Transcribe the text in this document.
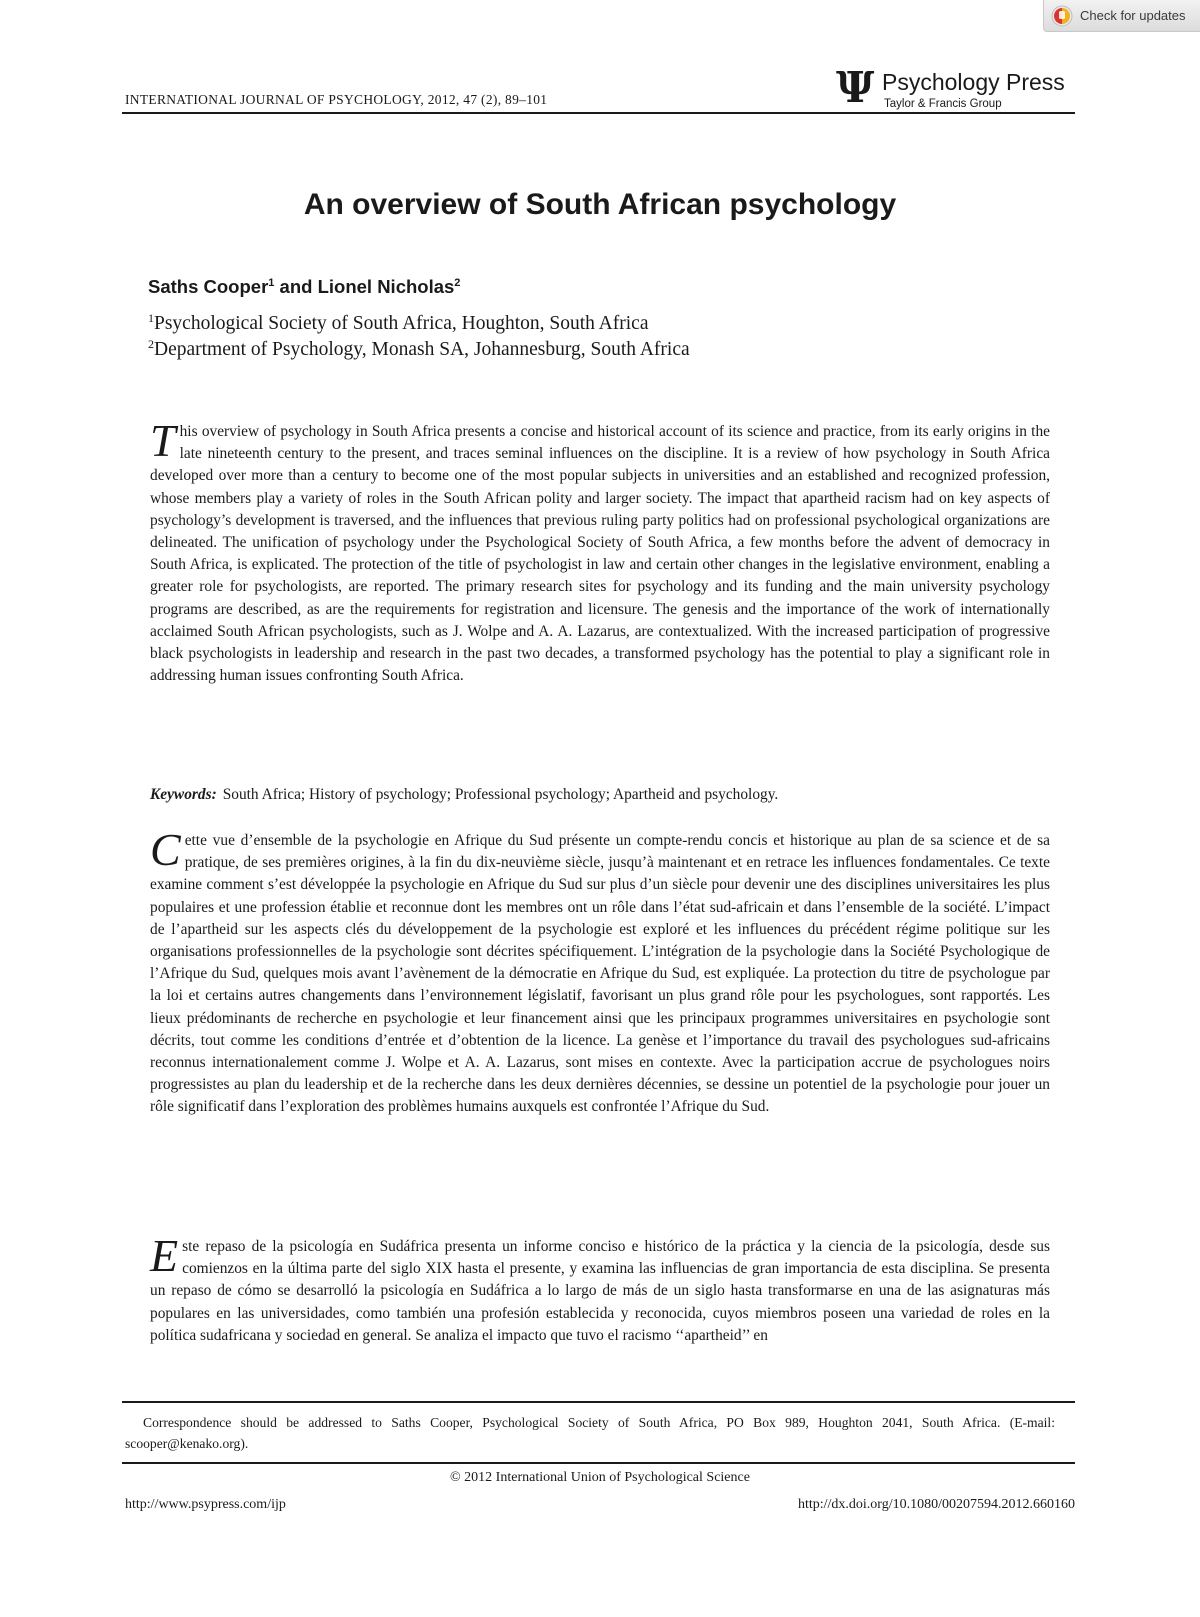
Check for updates
INTERNATIONAL JOURNAL OF PSYCHOLOGY, 2012, 47 (2), 89–101	Ψ Psychology Press
Taylor & Francis Group
An overview of South African psychology
Saths Cooper$^1$ and Lionel Nicholas$^2$
$^1$Psychological Society of South Africa, Houghton, South Africa
$^2$Department of Psychology, Monash SA, Johannesburg, South Africa
This overview of psychology in South Africa presents a concise and historical account of its science and practice, from its early origins in the late nineteenth century to the present, and traces seminal influences on the discipline. It is a review of how psychology in South Africa developed over more than a century to become one of the most popular subjects in universities and an established and recognized profession, whose members play a variety of roles in the South African polity and larger society. The impact that apartheid racism had on key aspects of psychology’s development is traversed, and the influences that previous ruling party politics had on professional psychological organizations are delineated. The unification of psychology under the Psychological Society of South Africa, a few months before the advent of democracy in South Africa, is explicated. The protection of the title of psychologist in law and certain other changes in the legislative environment, enabling a greater role for psychologists, are reported. The primary research sites for psychology and its funding and the main university psychology programs are described, as are the requirements for registration and licensure. The genesis and the importance of the work of internationally acclaimed South African psychologists, such as J. Wolpe and A. A. Lazarus, are contextualized. With the increased participation of progressive black psychologists in leadership and research in the past two decades, a transformed psychology has the potential to play a significant role in addressing human issues confronting South Africa.
Keywords: South Africa; History of psychology; Professional psychology; Apartheid and psychology.
Cette vue d’ensemble de la psychologie en Afrique du Sud présente un compte-rendu concis et historique au plan de sa science et de sa pratique, de ses premières origines, à la fin du dix-neuvième siècle, jusqu’à maintenant et en retrace les influences fondamentales. Ce texte examine comment s’est développée la psychologie en Afrique du Sud sur plus d’un siècle pour devenir une des disciplines universitaires les plus populaires et une profession établie et reconnue dont les membres ont un rôle dans l’état sud-africain et dans l’ensemble de la société. L’impact de l’apartheid sur les aspects clés du développement de la psychologie est exploré et les influences du précédent régime politique sur les organisations professionnelles de la psychologie sont décrites spécifiquement. L’intégration de la psychologie dans la Société Psychologique de l’Afrique du Sud, quelques mois avant l’avènement de la démocratie en Afrique du Sud, est expliquée. La protection du titre de psychologue par la loi et certains autres changements dans l’environnement législatif, favorisant un plus grand rôle pour les psychologues, sont rapportés. Les lieux prédominants de recherche en psychologie et leur financement ainsi que les principaux programmes universitaires en psychologie sont décrits, tout comme les conditions d’entrée et d’obtention de la licence. La genèse et l’importance du travail des psychologues sud-africains reconnus internationalement comme J. Wolpe et A. A. Lazarus, sont mises en contexte. Avec la participation accrue de psychologues noirs progressistes au plan du leadership et de la recherche dans les deux dernières décennies, se dessine un potentiel de la psychologie pour jouer un rôle significatif dans l’exploration des problèmes humains auxquels est confrontée l’Afrique du Sud.
Este repaso de la psicología en Sudáfrica presenta un informe conciso e histórico de la práctica y la ciencia de la psicología, desde sus comienzos en la última parte del siglo XIX hasta el presente, y examina las influencias de gran importancia de esta disciplina. Se presenta un repaso de cómo se desarrolló la psicología en Sudáfrica a lo largo de más de un siglo hasta transformarse en una de las asignaturas más populares en las universidades, como también una profesión establecida y reconocida, cuyos miembros poseen una variedad de roles en la política sudafricana y sociedad en general. Se analiza el impacto que tuvo el racismo ‘‘apartheid’’ en
Correspondence should be addressed to Saths Cooper, Psychological Society of South Africa, PO Box 989, Houghton 2041, South Africa. (E-mail: scooper@kenako.org).
© 2012 International Union of Psychological Science
http://www.psypress.com/ijp	http://dx.doi.org/10.1080/00207594.2012.660160
